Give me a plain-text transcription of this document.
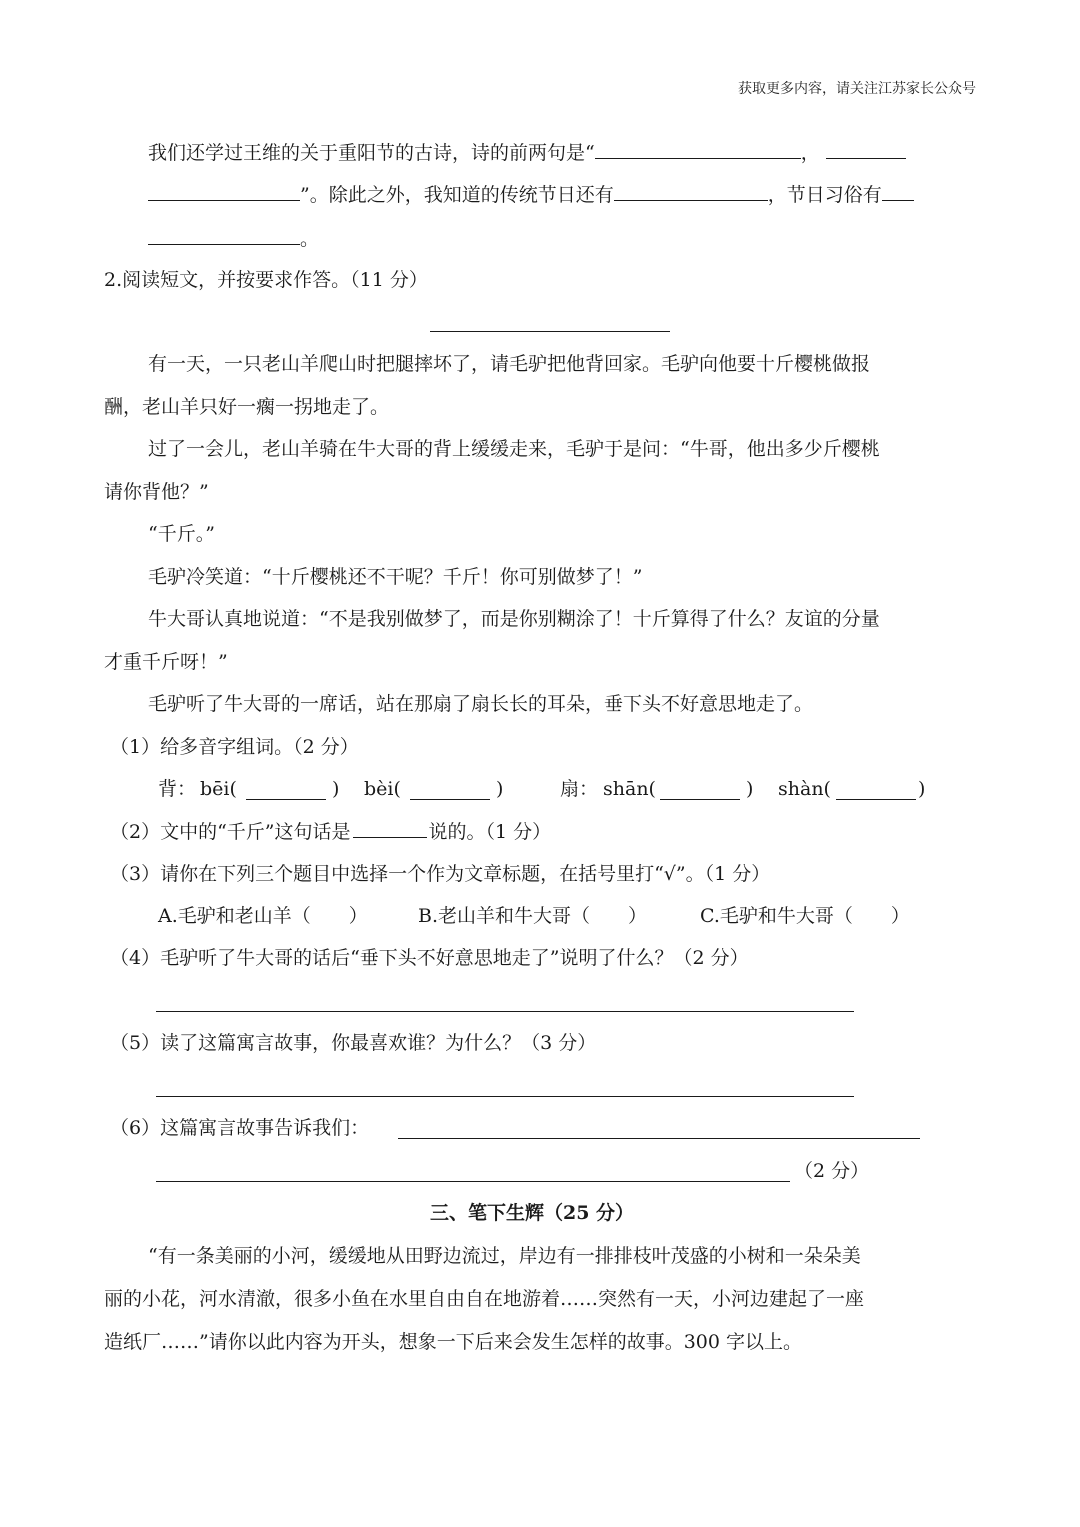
获取更多内容，请关注江苏家长公众号
我们还学过王维的关于重阳节的古诗，诗的前两句是“	，
”。除此之外，我知道的传统节日还有	，节日习俗有
。
2.阅读短文，并按要求作答。（11 分）
有一天，一只老山羊爬山时把腿摔坏了，请毛驴把他背回家。毛驴向他要十斤樱桃做报
酬，老山羊只好一瘸一拐地走了。
过了一会儿，老山羊骑在牛大哥的背上缓缓走来，毛驴于是问：“牛哥，他出多少斤樱桃
请你背他？”
“千斤。”
毛驴冷笑道：“十斤樱桃还不干呢？千斤！你可别做梦了！”
牛大哥认真地说道：“不是我别做梦了，而是你别糊涂了！十斤算得了什么？友谊的分量
才重千斤呀！”
毛驴听了牛大哥的一席话，站在那扇了扇长长的耳朵，垂下头不好意思地走了。
（1）给多音字组词。（2 分）
背： bēi(	) bèi(	)	扇： shān(	) shàn(	)
（2）文中的“千斤”这句话是	说的。（1 分）
（3）请你在下列三个题目中选择一个作为文章标题，在括号里打“√”。（1 分）
A.毛驴和老山羊（　　）	B.老山羊和牛大哥（　　）	C.毛驴和牛大哥（　　）
（4）毛驴听了牛大哥的话后“垂下头不好意思地走了”说明了什么？（2 分）
（5）读了这篇寓言故事，你最喜欢谁？为什么？（3 分）
（6）这篇寓言故事告诉我们：
（2 分）
三、笔下生辉（25 分）
“有一条美丽的小河，缓缓地从田野边流过，岸边有一排排枝叶茂盛的小树和一朵朵美
丽的小花，河水清澈，很多小鱼在水里自由自在地游着……突然有一天，小河边建起了一座
造纸厂……”请你以此内容为开头，想象一下后来会发生怎样的故事。300 字以上。
